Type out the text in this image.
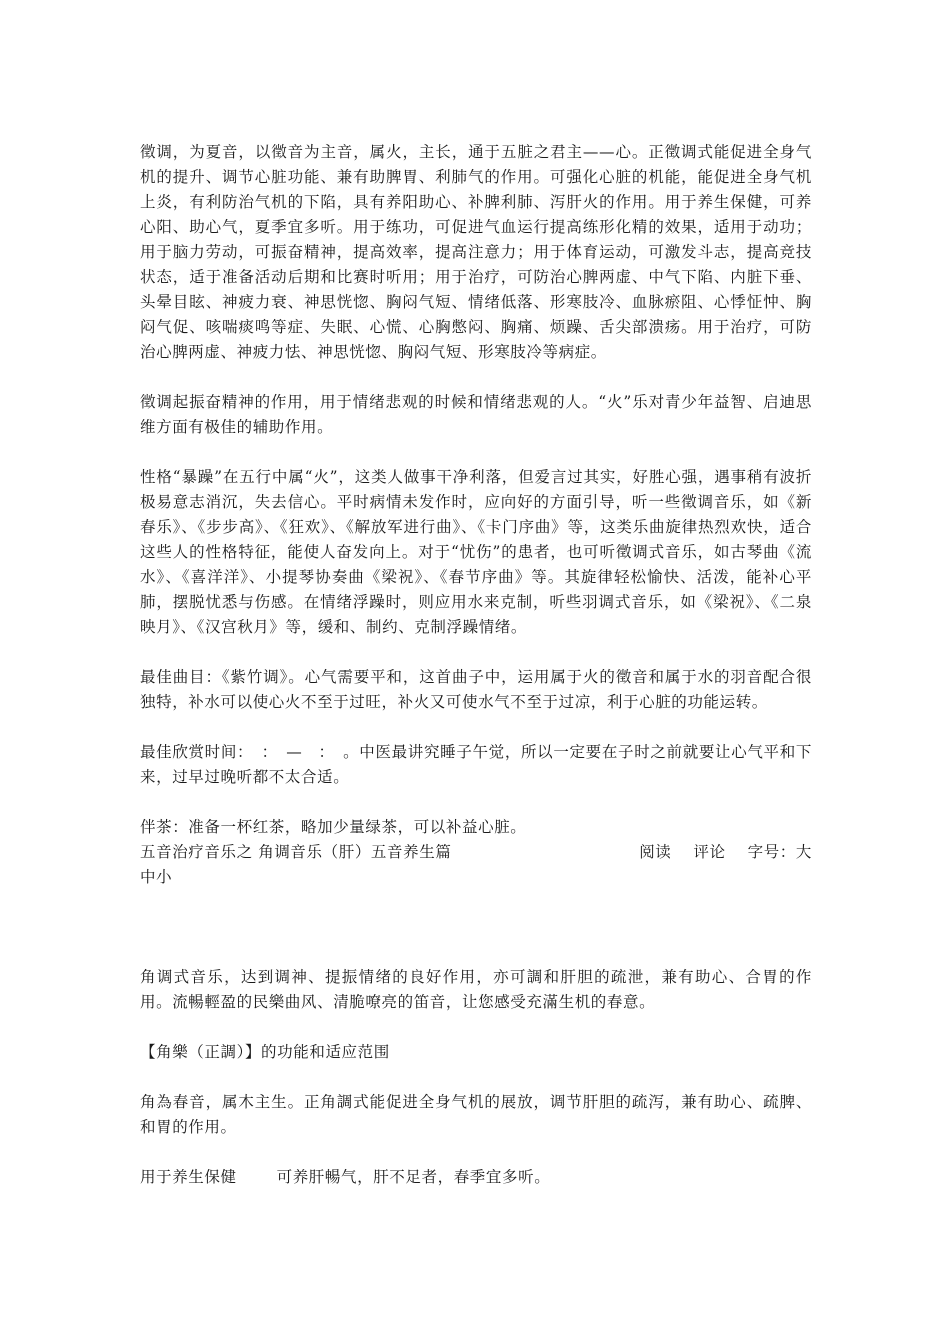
徵调，为夏音，以徵音为主音，属火，主长，通于五脏之君主——心。正徵调式能促进全身气机的提升、调节心脏功能、兼有助脾胃、利肺气的作用。可强化心脏的机能，能促进全身气机上炎，有利防治气机的下陷，具有养阳助心、补脾利肺、泻肝火的作用。用于养生保健，可养心阳、助心气，夏季宜多听。用于练功，可促进气血运行提高练形化精的效果，适用于动功；用于脑力劳动，可振奋精神，提高效率，提高注意力；用于体育运动，可激发斗志，提高竞技状态，适于准备活动后期和比赛时听用；用于治疗，可防治心脾两虚、中气下陷、内脏下垂、头晕目眩、神疲力衰、神思恍惚、胸闷气短、情绪低落、形寒肢冷、血脉瘀阻、心悸怔忡、胸闷气促、咳喘痰鸣等症、失眠、心慌、心胸憋闷、胸痛、烦躁、舌尖部溃疡。用于治疗，可防治心脾两虚、神疲力怯、神思恍惚、胸闷气短、形寒肢冷等病症。

徵调起振奋精神的作用，用于情绪悲观的时候和情绪悲观的人。“火”乐对青少年益智、启迪思维方面有极佳的辅助作用。

性格“暴躁”在五行中属“火”，这类人做事干净利落，但爱言过其实，好胜心强，遇事稍有波折极易意志消沉，失去信心。平时病情未发作时，应向好的方面引导，听一些徵调音乐，如《新春乐》、《步步高》、《狂欢》、《解放军进行曲》、《卡门序曲》等，这类乐曲旋律热烈欢快，适合这些人的性格特征，能使人奋发向上。对于“忧伤”的患者，也可听徵调式音乐，如古琴曲《流水》、《喜洋洋》、小提琴协奏曲《梁祝》、《春节序曲》等。其旋律轻松愉快、活泼，能补心平肺，摆脱忧悉与伤感。在情绪浮躁时，则应用水来克制，听些羽调式音乐，如《梁祝》、《二泉映月》、《汉宫秋月》等，缓和、制约、克制浮躁情绪。

最佳曲目：《紫竹调》。心气需要平和，这首曲子中，运用属于火的徵音和属于水的羽音配合很独特，补水可以使心火不至于过旺，补火又可使水气不至于过凉，利于心脏的功能运转。

最佳欣赏时间：　：　—　：　。中医最讲究睡子午觉，所以一定要在子时之前就要让心气平和下来，过早过晚听都不太合适。

伴茶：准备一杯红茶，略加少量绿茶，可以补益心脏。

五音治疗音乐之 角调音乐（肝）五音养生篇	阅读 评论 字号：大

中小

角调式音乐，达到调神、提振情绪的良好作用，亦可調和肝胆的疏泄，兼有助心、合胃的作用。流暢輕盈的民樂曲风、清脆嘹亮的笛音，让您感受充滿生机的春意。

【角樂（正調）】的功能和适应范围

角為春音，属木主生。正角調式能促进全身气机的展放，调节肝胆的疏泻，兼有助心、疏脾、和胃的作用。

用于养生保健	可养肝暢气，肝不足者，春季宜多听。
